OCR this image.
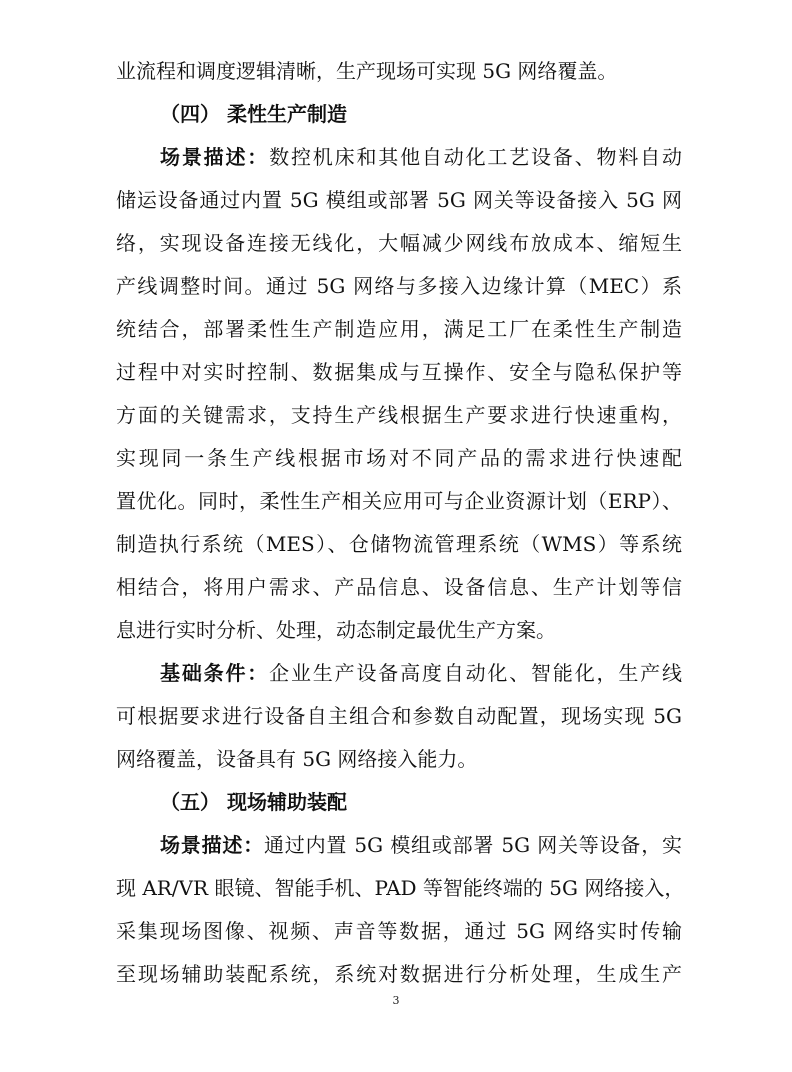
业流程和调度逻辑清晰，生产现场可实现 5G 网络覆盖。
（四） 柔性生产制造
场景描述：数控机床和其他自动化工艺设备、物料自动
储运设备通过内置 5G 模组或部署 5G 网关等设备接入 5G 网
络，实现设备连接无线化，大幅减少网线布放成本、缩短生
产线调整时间。通过 5G 网络与多接入边缘计算（MEC）系
统结合，部署柔性生产制造应用，满足工厂在柔性生产制造
过程中对实时控制、数据集成与互操作、安全与隐私保护等
方面的关键需求，支持生产线根据生产要求进行快速重构，
实现同一条生产线根据市场对不同产品的需求进行快速配
置优化。同时，柔性生产相关应用可与企业资源计划（ERP）、
制造执行系统（MES）、仓储物流管理系统（WMS）等系统
相结合，将用户需求、产品信息、设备信息、生产计划等信
息进行实时分析、处理，动态制定最优生产方案。
基础条件：企业生产设备高度自动化、智能化，生产线
可根据要求进行设备自主组合和参数自动配置，现场实现 5G
网络覆盖，设备具有 5G 网络接入能力。
（五） 现场辅助装配
场景描述：通过内置 5G 模组或部署 5G 网关等设备，实
现 AR/VR 眼镜、智能手机、PAD 等智能终端的 5G 网络接入，
采集现场图像、视频、声音等数据，通过 5G 网络实时传输
至现场辅助装配系统，系统对数据进行分析处理，生成生产
3
